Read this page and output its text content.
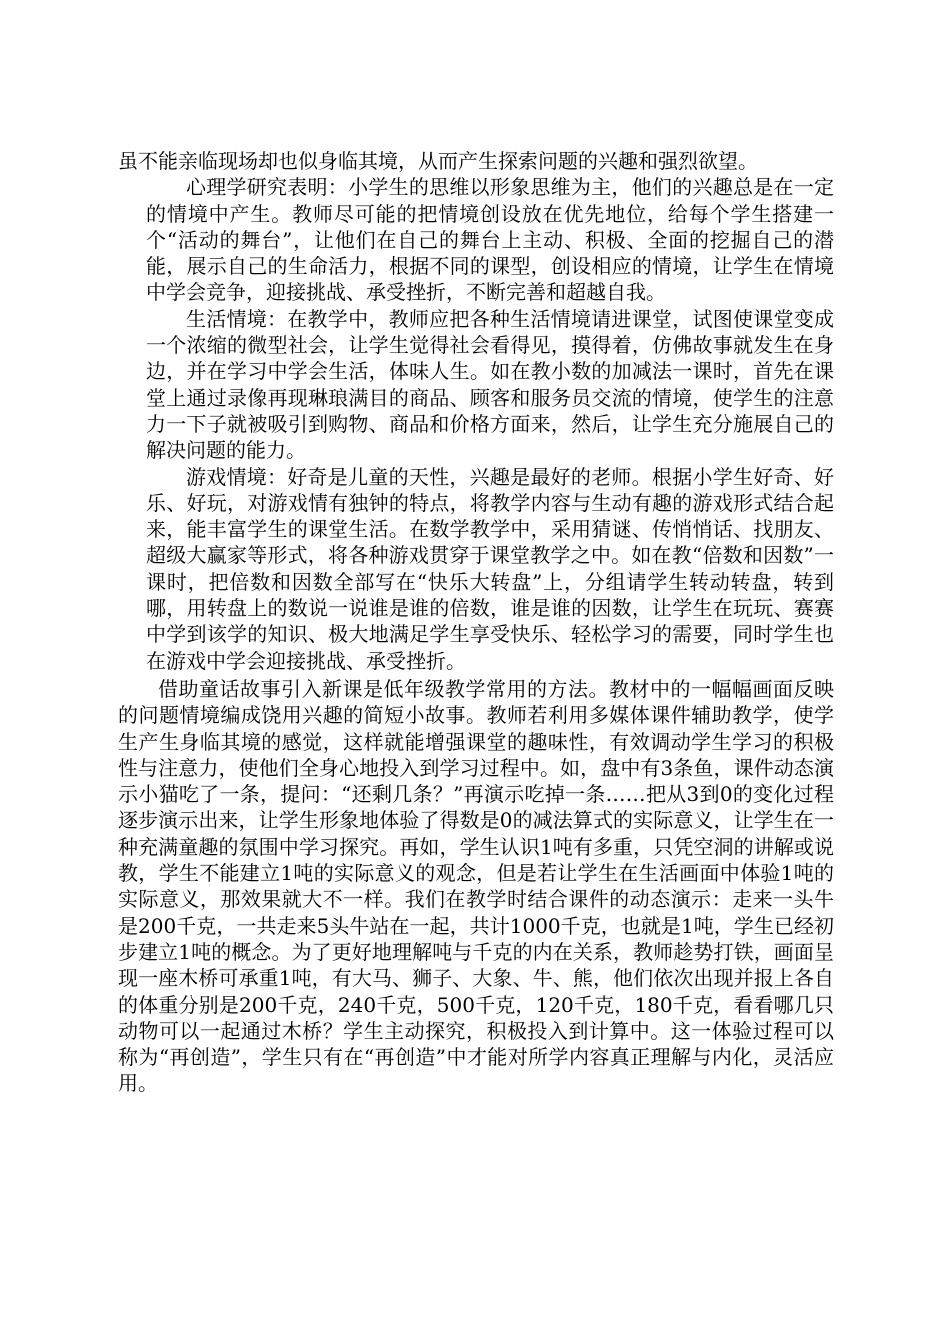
虽不能亲临现场却也似身临其境，从而产生探索问题的兴趣和强烈欲望。

心理学研究表明：小学生的思维以形象思维为主，他们的兴趣总是在一定的情境中产生。教师尽可能的把情境创设放在优先地位，给每个学生搭建一个“活动的舞台”，让他们在自己的舞台上主动、积极、全面的挖掘自己的潜能，展示自己的生命活力，根据不同的课型，创设相应的情境，让学生在情境中学会竞争，迎接挑战、承受挫折，不断完善和超越自我。

生活情境：在教学中，教师应把各种生活情境请进课堂，试图使课堂变成一个浓缩的微型社会，让学生觉得社会看得见，摸得着，仿佛故事就发生在身边，并在学习中学会生活，体味人生。如在教小数的加减法一课时，首先在课堂上通过录像再现琳琅满目的商品、顾客和服务员交流的情境，使学生的注意力一下子就被吸引到购物、商品和价格方面来，然后，让学生充分施展自己的解决问题的能力。

游戏情境：好奇是儿童的天性，兴趣是最好的老师。根据小学生好奇、好乐、好玩，对游戏情有独钟的特点，将教学内容与生动有趣的游戏形式结合起来，能丰富学生的课堂生活。在数学教学中，采用猜谜、传悄悄话、找朋友、超级大赢家等形式，将各种游戏贯穿于课堂教学之中。如在教“倍数和因数”一课时，把倍数和因数全部写在“快乐大转盘”上，分组请学生转动转盘，转到哪，用转盘上的数说一说谁是谁的倍数，谁是谁的因数，让学生在玩玩、赛赛中学到该学的知识、极大地满足学生享受快乐、轻松学习的需要，同时学生也在游戏中学会迎接挑战、承受挫折。

借助童话故事引入新课是低年级教学常用的方法。教材中的一幅幅画面反映的问题情境编成饶用兴趣的简短小故事。教师若利用多媒体课件辅助教学，使学生产生身临其境的感觉，这样就能增强课堂的趣味性，有效调动学生学习的积极性与注意力，使他们全身心地投入到学习过程中。如，盘中有3条鱼，课件动态演示小猫吃了一条，提问：“还剩几条？”再演示吃掉一条……把从3到0的变化过程逐步演示出来，让学生形象地体验了得数是0的减法算式的实际意义，让学生在一种充满童趣的氛围中学习探究。再如，学生认识1吨有多重，只凭空洞的讲解或说教，学生不能建立1吨的实际意义的观念，但是若让学生在生活画面中体验1吨的实际意义，那效果就大不一样。我们在教学时结合课件的动态演示：走来一头牛是200千克，一共走来5头牛站在一起，共计1000千克，也就是1吨，学生已经初步建立1吨的概念。为了更好地理解吨与千克的内在关系，教师趁势打铁，画面呈现一座木桥可承重1吨，有大马、狮子、大象、牛、熊，他们依次出现并报上各自的体重分别是200千克，240千克，500千克，120千克，180千克，看看哪几只动物可以一起通过木桥？学生主动探究，积极投入到计算中。这一体验过程可以称为“再创造”，学生只有在“再创造”中才能对所学内容真正理解与内化，灵活应用。
